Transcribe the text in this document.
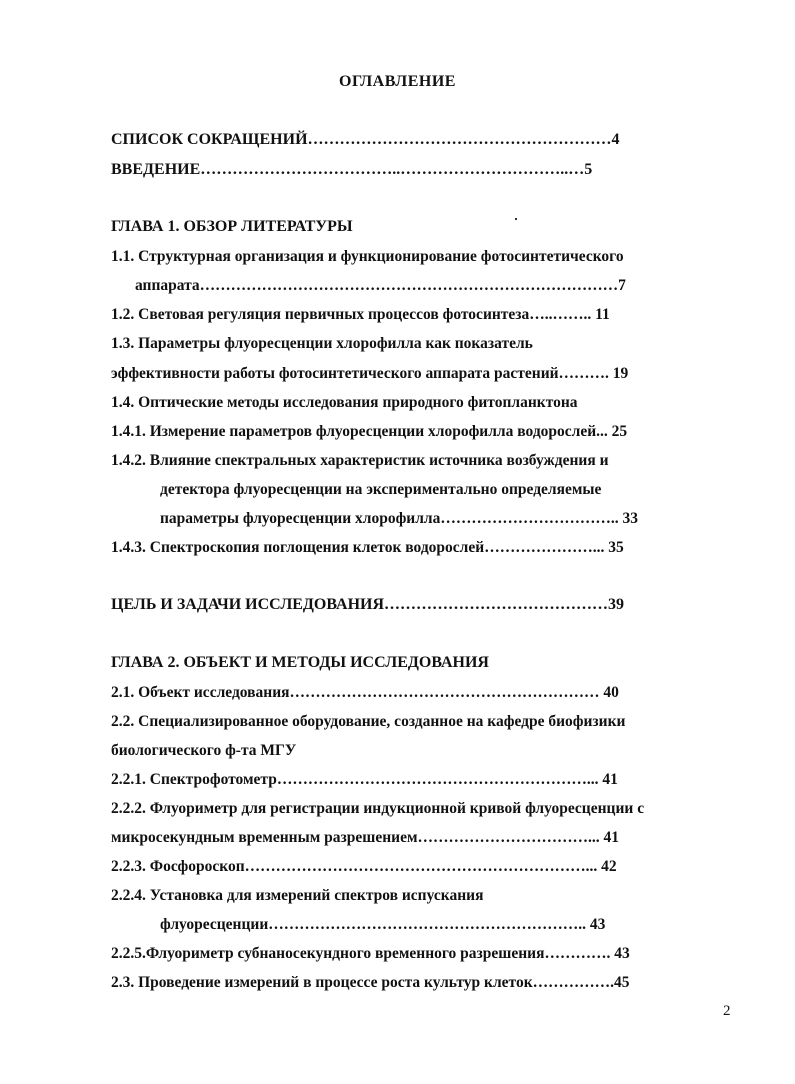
ОГЛАВЛЕНИЕ
СПИСОК СОКРАЩЕНИЙ…………………………………………………4
ВВЕДЕНИЕ………………………………..…………………………..…5
ГЛАВА 1. ОБЗОР ЛИТЕРАТУРЫ
1.1. Структурная организация и функционирование фотосинтетического
аппарата………………………………………………………………………7
1.2. Световая регуляция первичных процессов фотосинтеза…..…….. 11
1.3. Параметры флуоресценции хлорофилла как показатель
эффективности работы фотосинтетического аппарата растений………. 19
1.4. Оптические методы исследования природного фитопланктона
1.4.1. Измерение параметров флуоресценции хлорофилла водорослей... 25
1.4.2. Влияние спектральных характеристик источника возбуждения и
детектора флуоресценции на экспериментально определяемые
параметры флуоресценции хлорофилла…………………………….. 33
1.4.3. Спектроскопия поглощения клеток водорослей…………………... 35
ЦЕЛЬ И ЗАДАЧИ ИССЛЕДОВАНИЯ……………………………………39
ГЛАВА 2. ОБЪЕКТ И МЕТОДЫ ИССЛЕДОВАНИЯ
2.1. Объект исследования…………………………………………………… 40
2.2. Специализированное оборудование, созданное на кафедре биофизики
биологического ф-та МГУ
2.2.1. Спектрофотометр……………………………………………………... 41
2.2.2. Флуориметр для регистрации индукционной кривой флуоресценции с
микросекундным временным разрешением……………………………... 41
2.2.3. Фосфороскоп…………………………………………………………... 42
2.2.4. Установка для измерений спектров испускания
флуоресценции…………………………………………………….. 43
2.2.5.Флуориметр субнаносекундного временного разрешения…………. 43
2.3. Проведение измерений в процессе роста культур клеток…………….45
2
